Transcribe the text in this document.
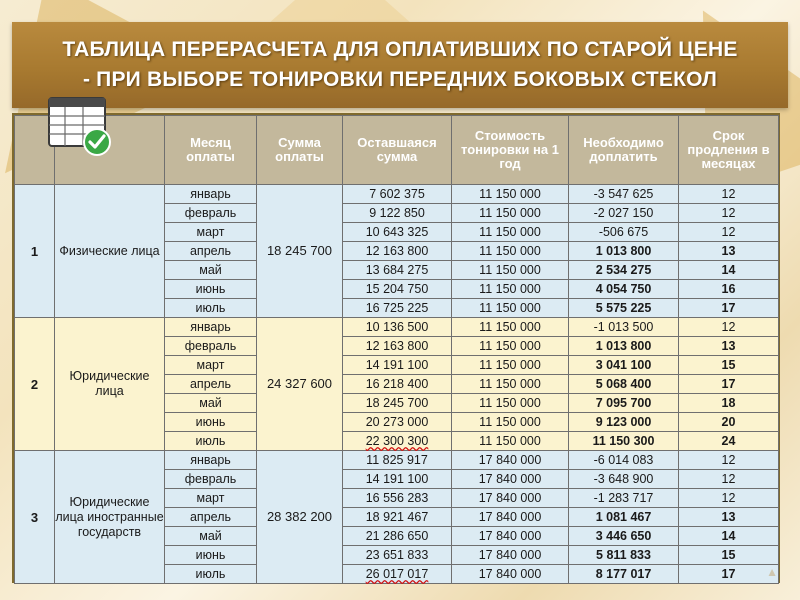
ТАБЛИЦА ПЕРЕРАСЧЕТА ДЛЯ ОПЛАТИВШИХ ПО СТАРОЙ ЦЕНЕ
- ПРИ ВЫБОРЕ ТОНИРОВКИ ПЕРЕДНИХ БОКОВЫХ СТЕКОЛ
		Месяц оплаты	Сумма оплаты	Оставшаяся сумма	Стоимость тонировки на 1 год	Необходимо доплатить	Срок продления в месяцах
1	Физические лица	январь	18 245 700	7 602 375	11 150 000	-3 547 625	12
		февраль		9 122 850	11 150 000	-2 027 150	12
		март		10 643 325	11 150 000	-506 675	12
		апрель		12 163 800	11 150 000	1 013 800	13
		май		13 684 275	11 150 000	2 534 275	14
		июнь		15 204 750	11 150 000	4 054 750	16
		июль		16 725 225	11 150 000	5 575 225	17
2	Юридические лица	январь	24 327 600	10 136 500	11 150 000	-1 013 500	12
		февраль		12 163 800	11 150 000	1 013 800	13
		март		14 191 100	11 150 000	3 041 100	15
		апрель		16 218 400	11 150 000	5 068 400	17
		май		18 245 700	11 150 000	7 095 700	18
		июнь		20 273 000	11 150 000	9 123 000	20
		июль		22 300 300	11 150 000	11 150 300	24
3	Юридические лица иностранные государств	январь	28 382 200	11 825 917	17 840 000	-6 014 083	12
		февраль		14 191 100	17 840 000	-3 648 900	12
		март		16 556 283	17 840 000	-1 283 717	12
		апрель		18 921 467	17 840 000	1 081 467	13
		май		21 286 650	17 840 000	3 446 650	14
		июнь		23 651 833	17 840 000	5 811 833	15
		июль		26 017 017	17 840 000	8 177 017	17	▲
